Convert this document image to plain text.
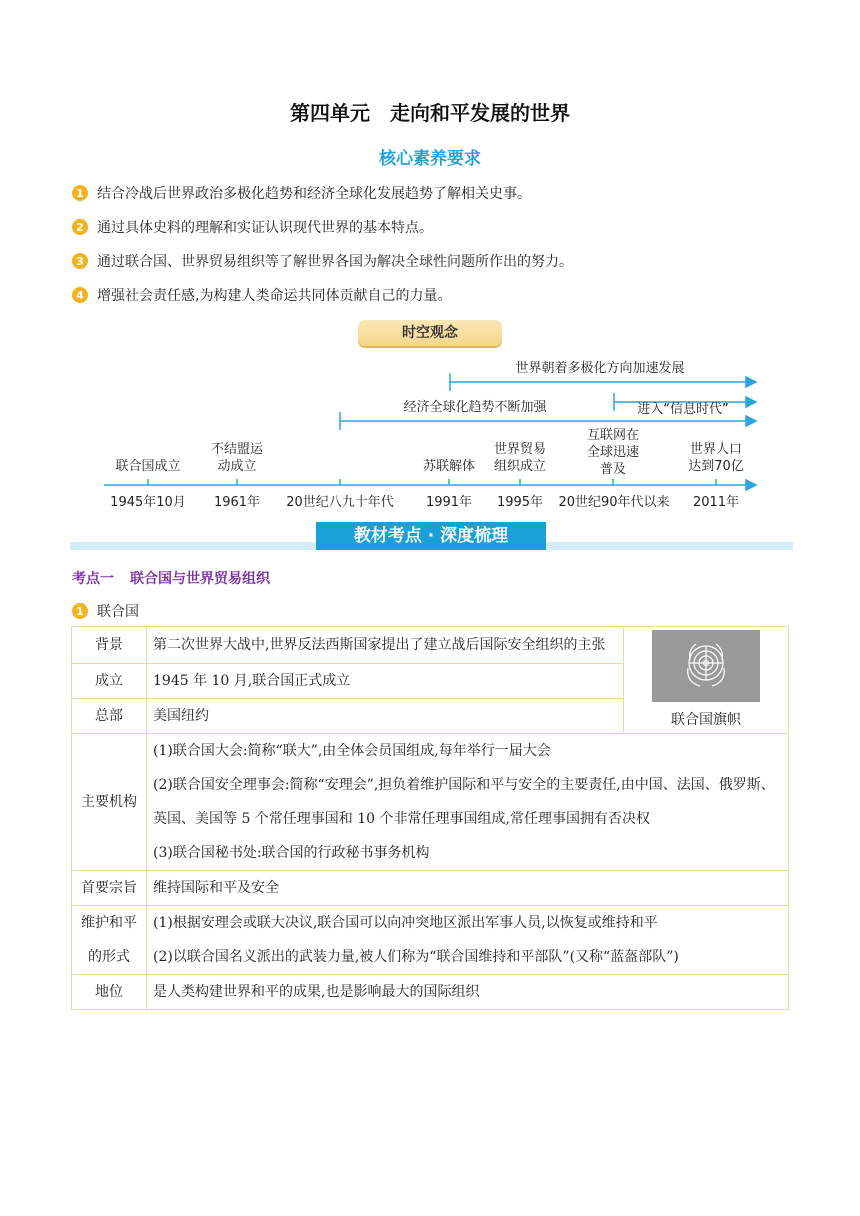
第四单元 走向和平发展的世界
核心素养要求
1 结合冷战后世界政治多极化趋势和经济全球化发展趋势了解相关史事。
2 通过具体史料的理解和实证认识现代世界的基本特点。
3 通过联合国、世界贸易组织等了解世界各国为解决全球性问题所作出的努力。
4 增强社会责任感,为构建人类命运共同体贡献自己的力量。
时空观念
世界朝着多极化方向加速发展
经济全球化趋势不断加强	进入“信息时代”
联合国成立
不结盟运
动成立	苏联解体
世界贸易
组织成立
互联网在
全球迅速
普及
世界人口
达到70亿
1945年10月	1961年	20世纪八九十年代	1991年	1995年	20世纪90年代以来	2011年
教材考点 · 深度梳理
考点一 联合国与世界贸易组织
1 联合国
背景	第二次世界大战中,世界反法西斯国家提出了建立战后国际安全组织的主张	联合国旗帜

成立	1945 年 10 月,联合国正式成立	
总部	美国纽约	
主要机构	(1)联合国大会:简称“联大”,由全体会员国组成,每年举行一届大会
(2)联合国安全理事会:简称“安理会”,担负着维护国际和平与安全的主要责任,由中国、法国、俄罗斯、英国、美国等 5 个常任理事国和 10 个非常任理事国组成,常任理事国拥有否决权
(3)联合国秘书处:联合国的行政秘书事务机构	

首要宗旨	维持国际和平及安全	
维护和平的形式	(1)根据安理会或联大决议,联合国可以向冲突地区派出军事人员,以恢复或维持和平
(2)以联合国名义派出的武装力量,被人们称为“联合国维持和平部队”(又称“蓝盔部队”)	

地位	是人类构建世界和平的成果,也是影响最大的国际组织	
